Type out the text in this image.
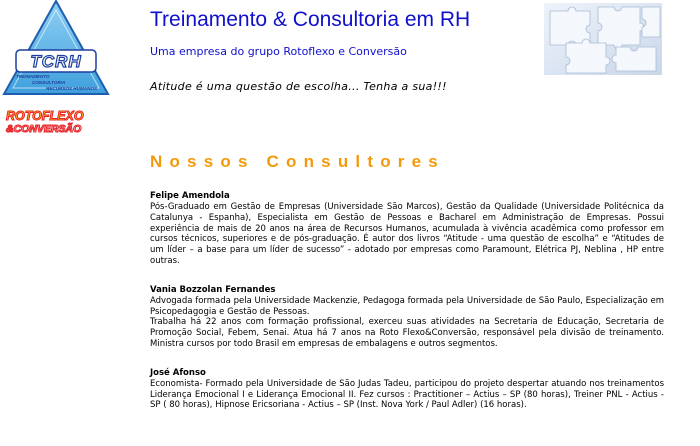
TCRH
TREINAMENTO
CONSULTORIA
RECURSOS HUMANOS
ROTOFLEXO
&CONVERSÃO
Treinamento & Consultoria em RH
Uma empresa do grupo Rotoflexo e Conversão
Atitude é uma questão de escolha... Tenha a sua!!!
Nossos Consultores
Felipe Amendola

Pós-Graduado em Gestão de Empresas (Universidade São Marcos), Gestão da Qualidade (Universidade Politécnica da Catalunya - Espanha), Especialista em Gestão de Pessoas e Bacharel em Administração de Empresas. Possui experiência de mais de 20 anos na área de Recursos Humanos, acumulada à vivência acadêmica como professor em cursos técnicos, superiores e de pós-graduação. É autor dos livros “Atitude - uma questão de escolha” e “Atitudes de um líder – a base para um líder de sucesso” - adotado por empresas como Paramount, Elétrica PJ, Neblina , HP entre outras.

Vania Bozzolan Fernandes

Advogada formada pela Universidade Mackenzie, Pedagoga formada pela Universidade de São Paulo, Especialização em Psicopedagogia e Gestão de Pessoas.

Trabalha há 22 anos com formação profissional, exerceu suas atividades na Secretaria de Educação, Secretaria de Promoção Social, Febem, Senai. Atua há 7 anos na Roto Flexo&Conversão, responsável pela divisão de treinamento. Ministra cursos por todo Brasil em empresas de embalagens e outros segmentos.

José Afonso

Economista- Formado pela Universidade de São Judas Tadeu, participou do projeto despertar atuando nos treinamentos Liderança Emocional I e Liderança Emocional II. Fez cursos : Practitioner – Actius – SP (80 horas), Treiner PNL - Actius - SP ( 80 horas), Hipnose Ericsoriana - Actius – SP (Inst. Nova York / Paul Adler) (16 horas).
